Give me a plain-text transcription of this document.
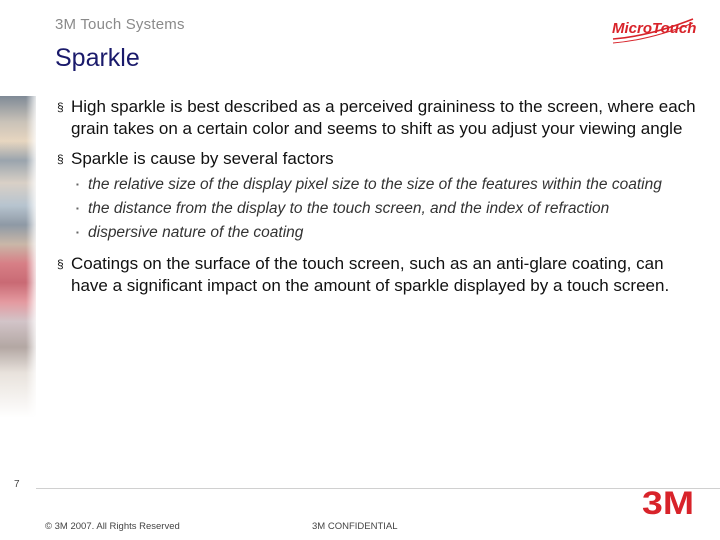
3M Touch Systems	MicroTouch
Sparkle
§ High sparkle is best described as a perceived graininess to the screen, where each grain takes on a certain color and seems to shift as you adjust your viewing angle
§ Sparkle is cause by several factors
▪ the relative size of the display pixel size to the size of the features within the coating
▪ the distance from the display to the touch screen, and the index of refraction
▪ dispersive nature of the coating
§ Coatings on the surface of the touch screen, such as an anti-glare coating, can have a significant impact on the amount of sparkle displayed by a touch screen.
7
© 3M 2007. All Rights Reserved	3M CONFIDENTIAL
3M
